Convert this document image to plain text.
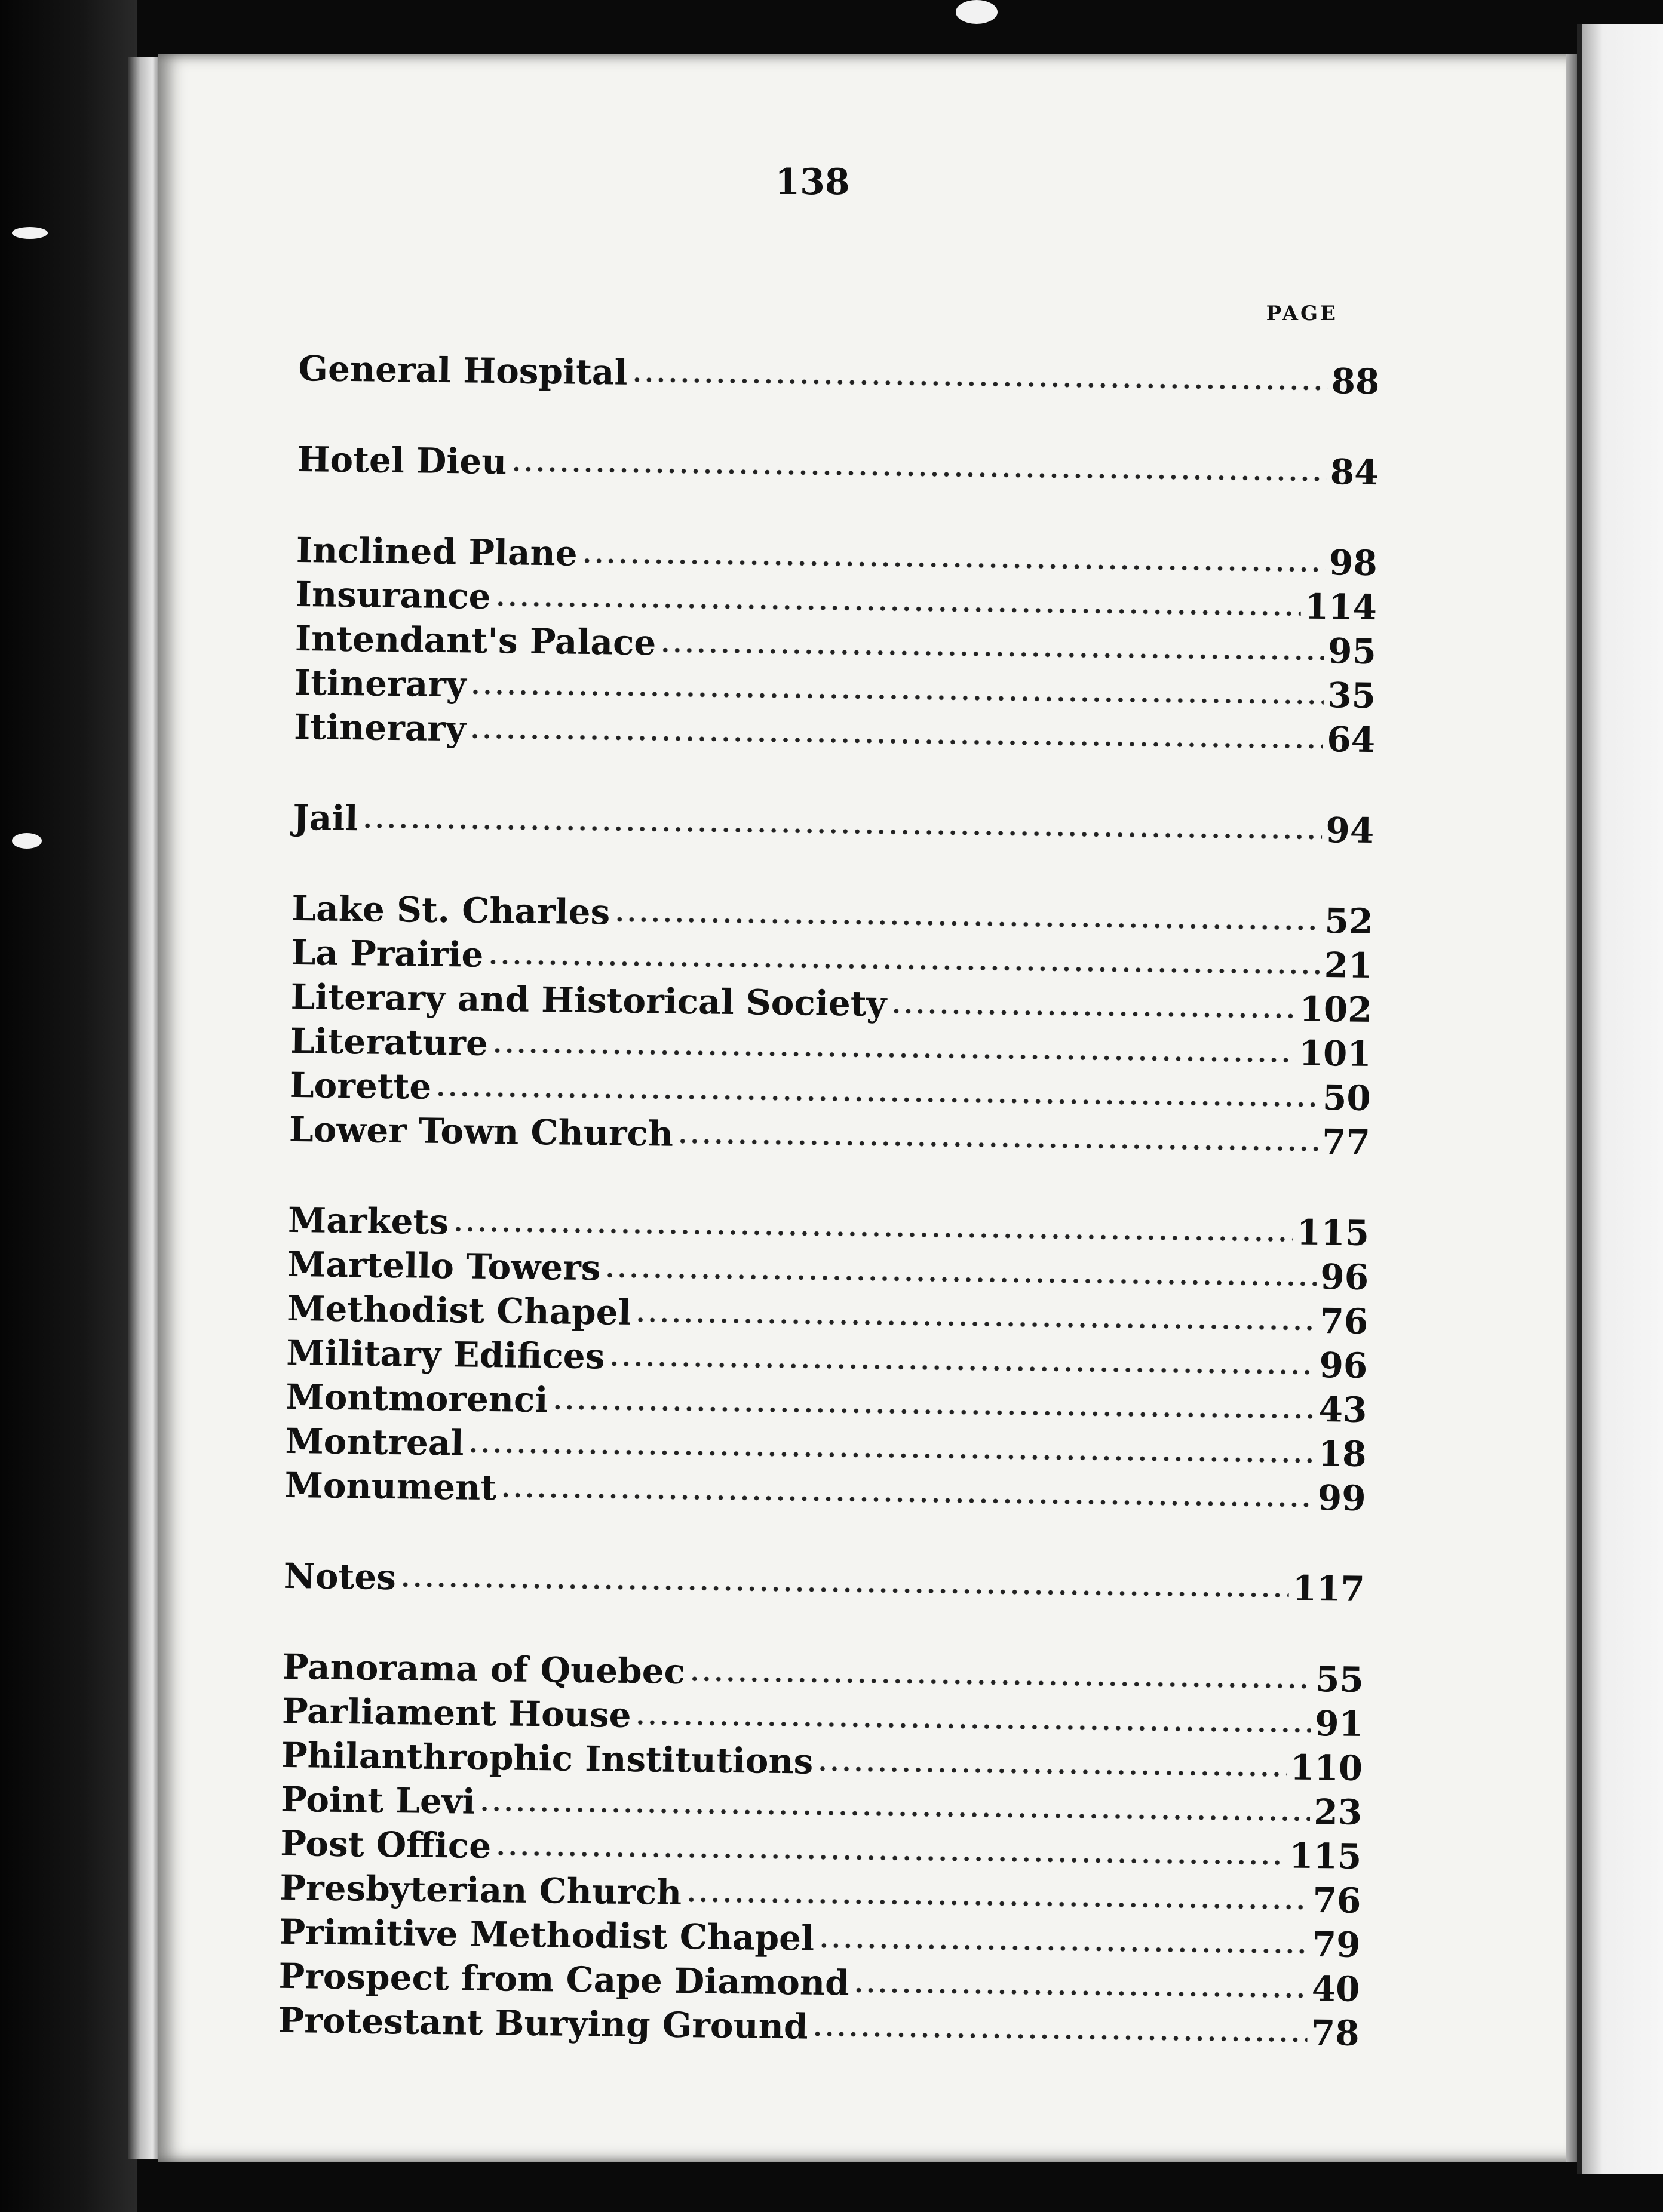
138
PAGE
General Hospital	88
Hotel Dieu	84
Inclined Plane	98
Insurance	114
Intendant's Palace	95
Itinerary	35
Itinerary	64
Jail	94
Lake St. Charles	52
La Prairie	21
Literary and Historical Society	102
Literature	101
Lorette	50
Lower Town Church	77
Markets	115
Martello Towers	96
Methodist Chapel	76
Military Edifices	96
Montmorenci	43
Montreal	18
Monument	99
Notes	117
Panorama of Quebec	55
Parliament House	91
Philanthrophic Institutions	110
Point Levi	23
Post Office	115
Presbyterian Church	76
Primitive Methodist Chapel	79
Prospect from Cape Diamond	40
Protestant Burying Ground	78
